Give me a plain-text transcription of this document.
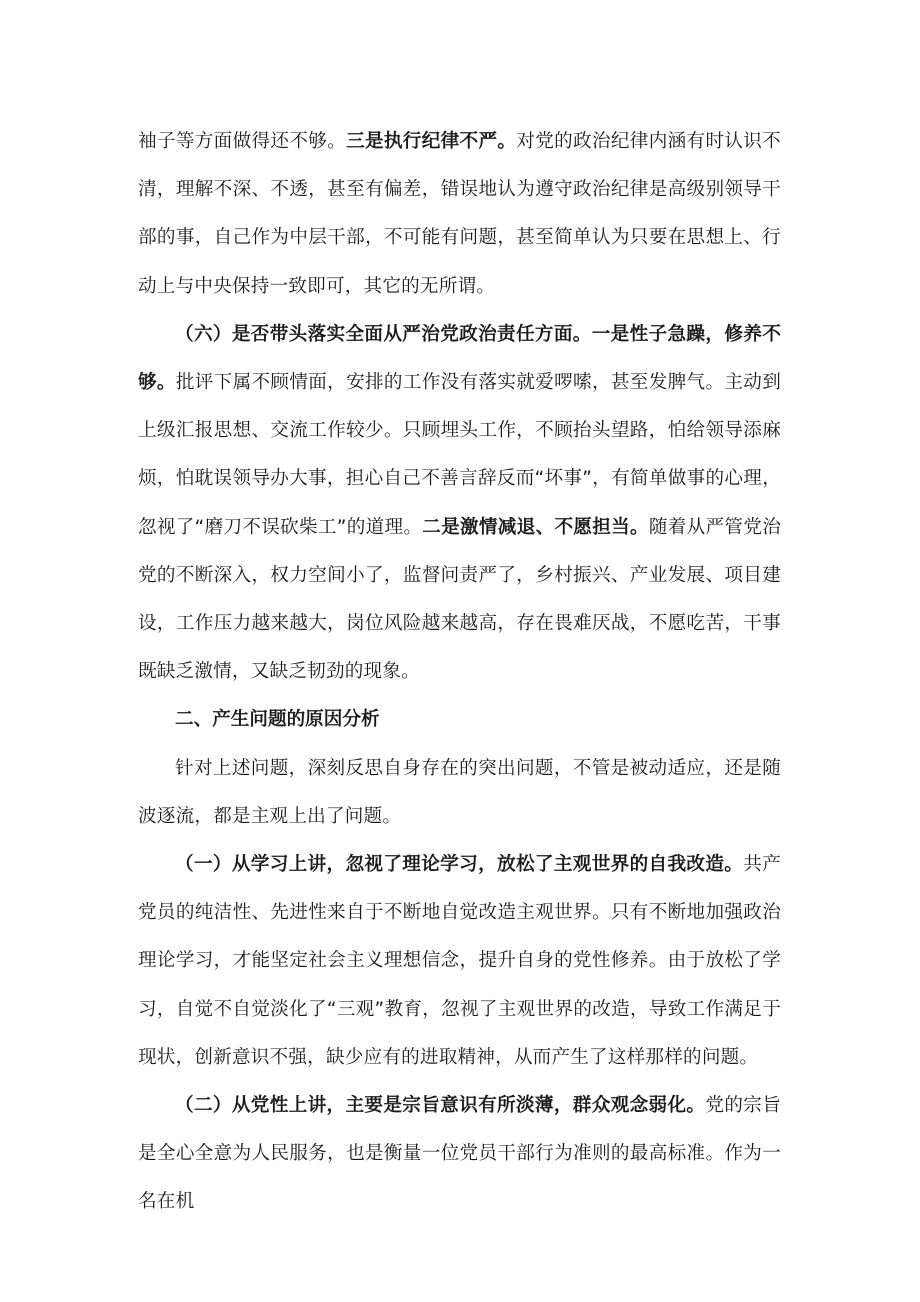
袖子等方面做得还不够。三是执行纪律不严。对党的政治纪律内涵有时认识不清，理解不深、不透，甚至有偏差，错误地认为遵守政治纪律是高级别领导干部的事，自己作为中层干部，不可能有问题，甚至简单认为只要在思想上、行动上与中央保持一致即可，其它的无所谓。

（六）是否带头落实全面从严治党政治责任方面。一是性子急躁，修养不够。批评下属不顾情面，安排的工作没有落实就爱啰嗦，甚至发脾气。主动到上级汇报思想、交流工作较少。只顾埋头工作，不顾抬头望路，怕给领导添麻烦，怕耽误领导办大事，担心自己不善言辞反而“坏事”，有简单做事的心理，忽视了“磨刀不误砍柴工”的道理。二是激情减退、不愿担当。随着从严管党治党的不断深入，权力空间小了，监督问责严了，乡村振兴、产业发展、项目建设，工作压力越来越大，岗位风险越来越高，存在畏难厌战，不愿吃苦，干事既缺乏激情，又缺乏韧劲的现象。

二、产生问题的原因分析

针对上述问题，深刻反思自身存在的突出问题，不管是被动适应，还是随波逐流，都是主观上出了问题。

（一）从学习上讲，忽视了理论学习，放松了主观世界的自我改造。共产党员的纯洁性、先进性来自于不断地自觉改造主观世界。只有不断地加强政治理论学习，才能坚定社会主义理想信念，提升自身的党性修养。由于放松了学习，自觉不自觉淡化了“三观”教育，忽视了主观世界的改造，导致工作满足于现状，创新意识不强，缺少应有的进取精神，从而产生了这样那样的问题。

（二）从党性上讲，主要是宗旨意识有所淡薄，群众观念弱化。党的宗旨是全心全意为人民服务，也是衡量一位党员干部行为准则的最高标准。作为一名在机
